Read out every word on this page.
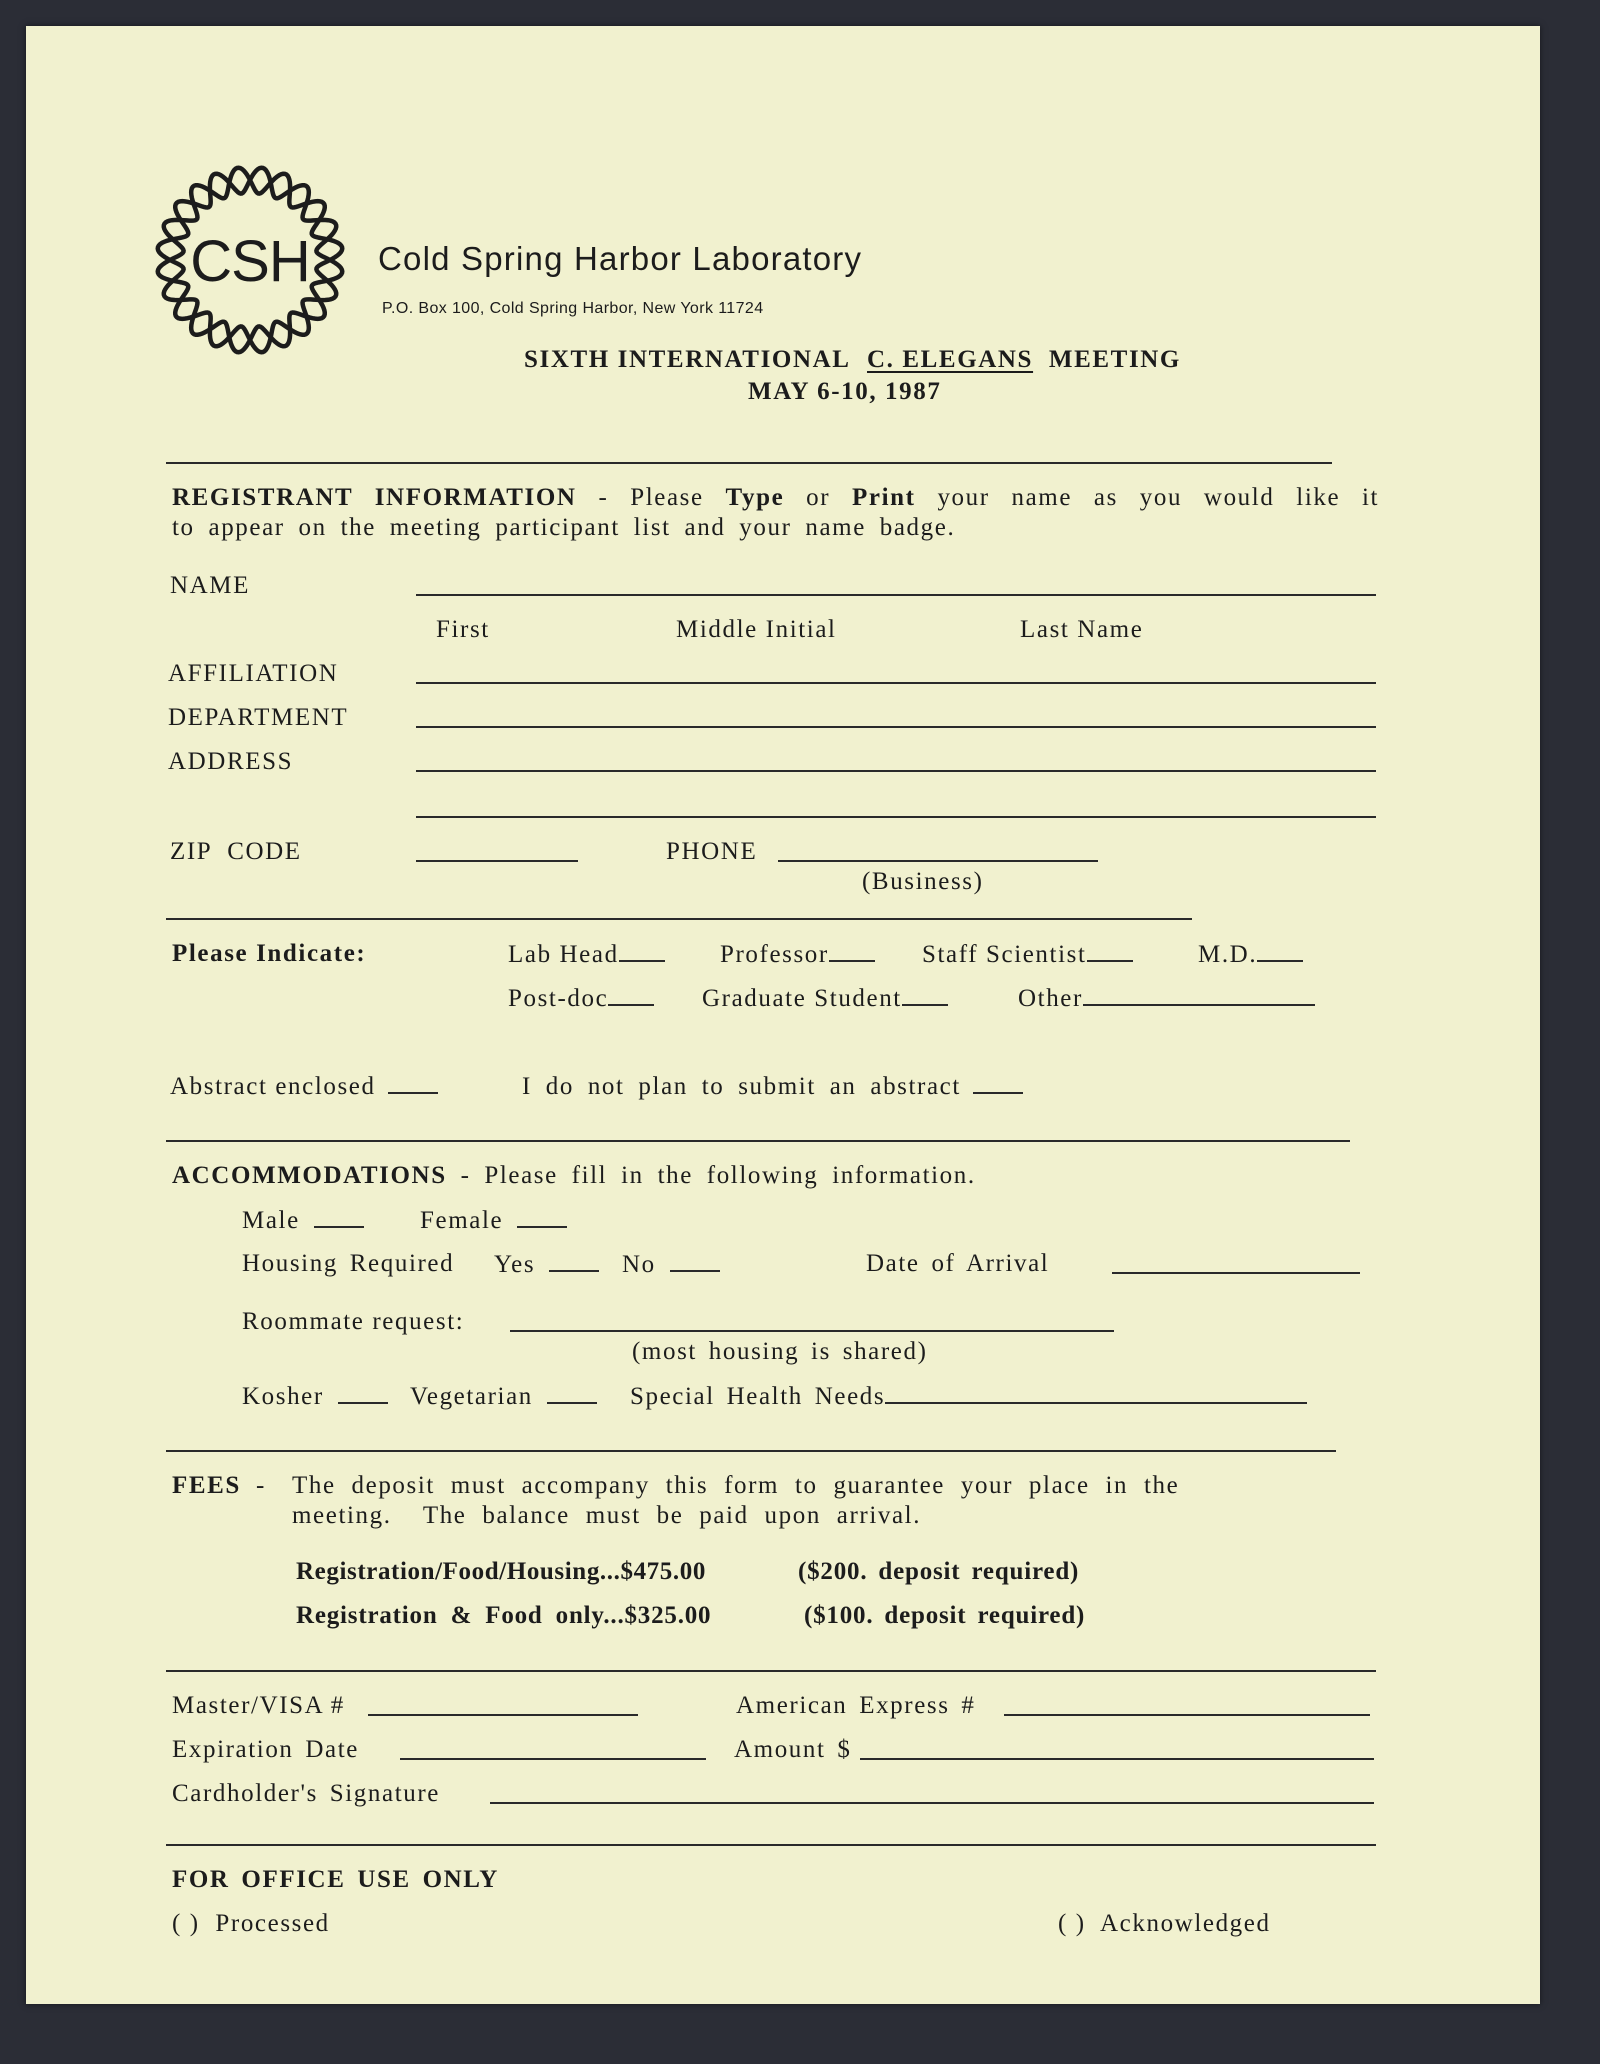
CSH Cold Spring Harbor Laboratory
P.O. Box 100, Cold Spring Harbor, New York 11724
SIXTH INTERNATIONAL C. ELEGANS MEETING
MAY 6-10, 1987
REGISTRANT INFORMATION - Please Type or Print your name as you would like it
to appear on the meeting participant list and your name badge.
NAME
First	Middle Initial	Last Name
AFFILIATION
DEPARTMENT
ADDRESS
ZIP CODE	PHONE
(Business)
Please Indicate:	Lab Head	Professor	Staff Scientist	M.D.
Post-doc	Graduate Student	Other
Abstract enclosed	I do not plan to submit an abstract
ACCOMMODATIONS - Please fill in the following information.
Male	Female
Housing Required Yes	No	Date of Arrival
Roommate request:
(most housing is shared)
Kosher	Vegetarian	Special Health Needs
FEES - The deposit must accompany this form to guarantee your place in the
meeting.  The balance must be paid upon arrival.
Registration/Food/Housing...$475.00	($200. deposit required)
Registration & Food only...$325.00	($100. deposit required)
Master/VISA #	American Express #
Expiration Date	Amount $
Cardholder's Signature
FOR OFFICE USE ONLY
( )  Processed	( )  Acknowledged
